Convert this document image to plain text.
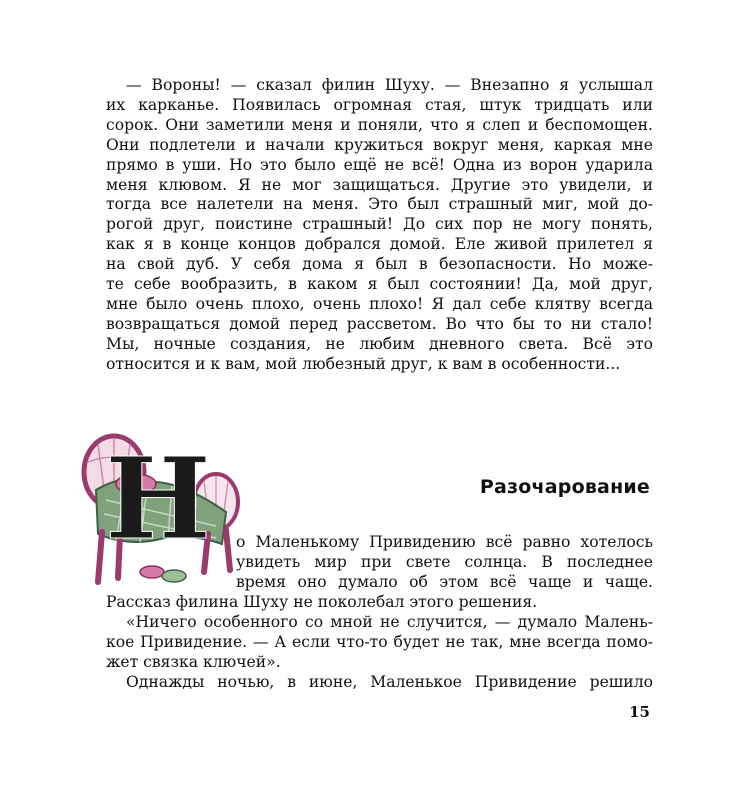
— Вороны! — сказал филин Шуху. — Внезапно я услышал
их карканье. Появилась огромная стая, штук тридцать или
сорок. Они заметили меня и поняли, что я слеп и беспомощен.
Они подлетели и начали кружиться вокруг меня, каркая мне
прямо в уши. Но это было ещё не всё! Одна из ворон ударила
меня клювом. Я не мог защищаться. Другие это увидели, и
тогда все налетели на меня. Это был страшный миг, мой до-
рогой друг, поистине страшный! До сих пор не могу понять,
как я в конце концов добрался домой. Еле живой прилетел я
на свой дуб. У себя дома я был в безопасности. Но може-
те себе вообразить, в каком я был состоянии! Да, мой друг,
мне было очень плохо, очень плохо! Я дал себе клятву всегда
возвращаться домой перед рассветом. Во что бы то ни стало!
Мы, ночные создания, не любим дневного света. Всё это
относится и к вам, мой любезный друг, к вам в особенности...
Н	Разочарование
о Маленькому Привидению всё равно хотелось
увидеть мир при свете солнца. В последнее
время оно думало об этом всё чаще и чаще.
Рассказ филина Шуху не поколебал этого решения.
«Ничего особенного со мной не случится, — думало Малень-
кое Привидение. — А если что-то будет не так, мне всегда помо-
жет связка ключей».
Однажды ночью, в июне, Маленькое Привидение решило
15
